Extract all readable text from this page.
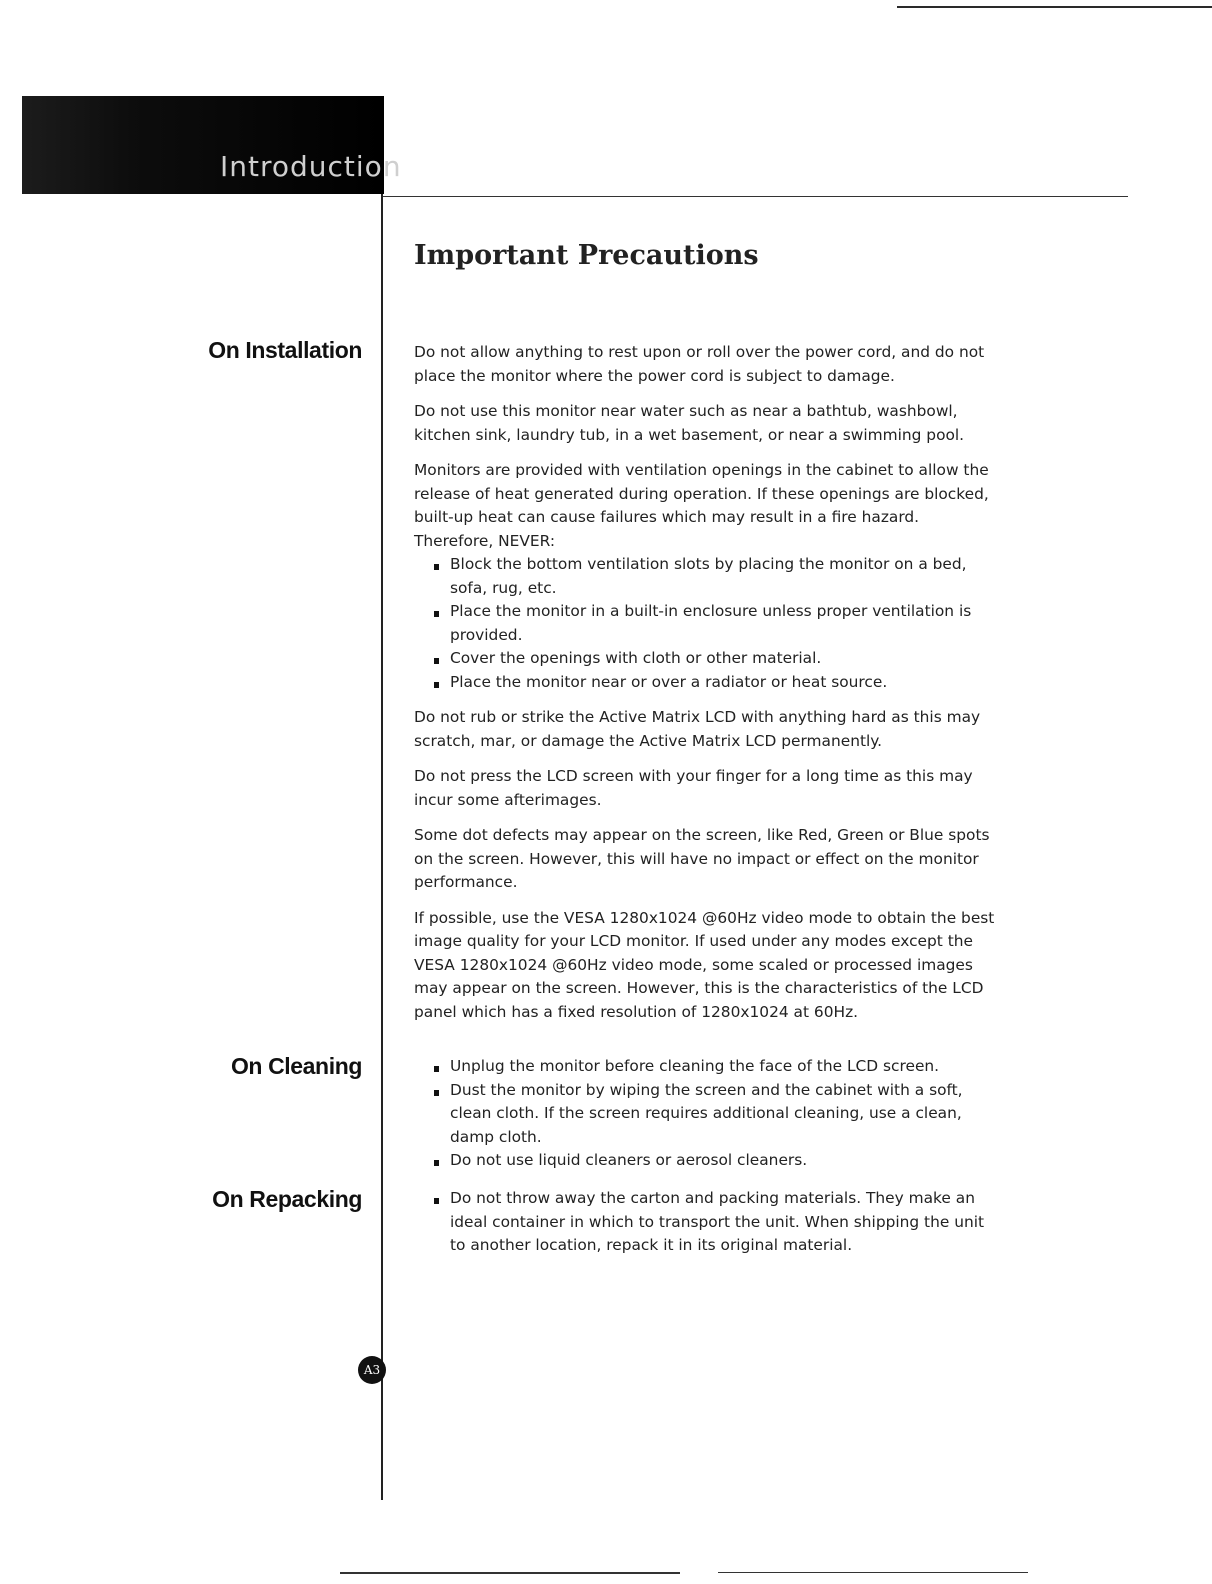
Introduction
Important Precautions
On Installation
On Cleaning
On Repacking

Do not allow anything to rest upon or roll over the power cord, and do not place the monitor where the power cord is subject to damage.

Do not use this monitor near water such as near a bathtub, washbowl, kitchen sink, laundry tub, in a wet basement, or near a swimming pool.

Monitors are provided with ventilation openings in the cabinet to allow the release of heat generated during operation. If these openings are blocked, built-up heat can cause failures which may result in a fire hazard. Therefore, NEVER:

Block the bottom ventilation slots by placing the monitor on a bed, sofa, rug, etc.
Place the monitor in a built-in enclosure unless proper ventilation is provided.
Cover the openings with cloth or other material.
Place the monitor near or over a radiator or heat source.

Do not rub or strike the Active Matrix LCD with anything hard as this may scratch, mar, or damage the Active Matrix LCD permanently.

Do not press the LCD screen with your finger for a long time as this may incur some afterimages.

Some dot defects may appear on the screen, like Red, Green or Blue spots on the screen. However, this will have no impact or effect on the monitor performance.

If possible, use the VESA 1280x1024 @60Hz video mode to obtain the best image quality for your LCD monitor. If used under any modes except the VESA 1280x1024 @60Hz video mode, some scaled or processed images may appear on the screen. However, this is the characteristics of the LCD panel which has a fixed resolution of 1280x1024 at 60Hz.

Unplug the monitor before cleaning the face of the LCD screen.
Dust the monitor by wiping the screen and the cabinet with a soft, clean cloth. If the screen requires additional cleaning, use a clean, damp cloth.
Do not use liquid cleaners or aerosol cleaners.
Do not throw away the carton and packing materials. They make an ideal container in which to transport the unit. When shipping the unit to another location, repack it in its original material.
A3
